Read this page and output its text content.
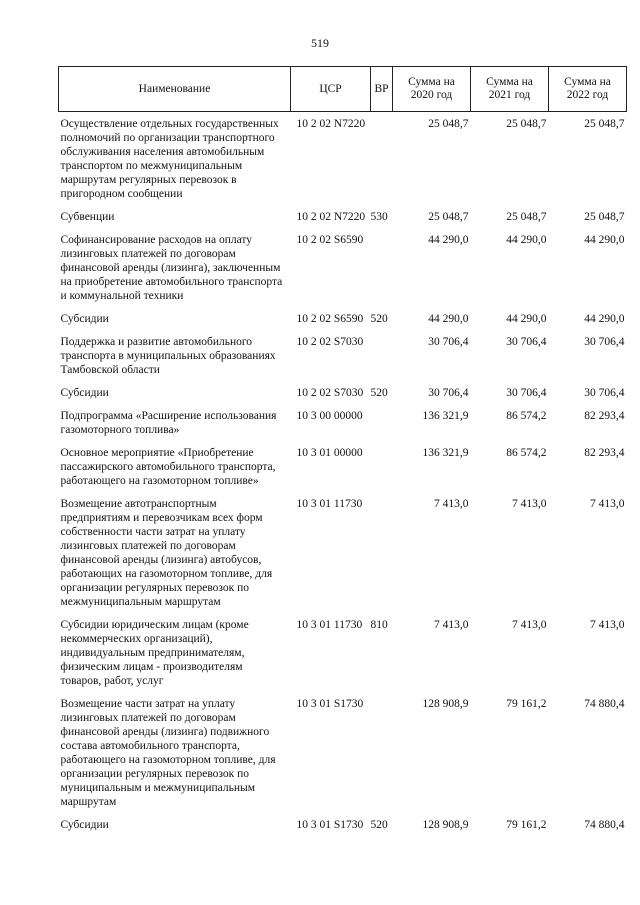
519
Наименование	ЦСР	ВР	Сумма на 2020 год	Сумма на 2021 год	Сумма на 2022 год
Осуществление отдельных государственных полномочий по организации транспортного обслуживания населения автомобильным транспортом по межмуниципальным маршрутам регулярных перевозок в пригородном сообщении	10 2 02 N7220		25 048,7	25 048,7	25 048,7
Субвенции	10 2 02 N7220	530	25 048,7	25 048,7	25 048,7
Софинансирование расходов на оплату лизинговых платежей по договорам финансовой аренды (лизинга), заключенным на приобретение автомобильного транспорта и коммунальной техники	10 2 02 S6590		44 290,0	44 290,0	44 290,0
Субсидии	10 2 02 S6590	520	44 290,0	44 290,0	44 290,0
Поддержка и развитие автомобильного транспорта в муниципальных образованиях Тамбовской области	10 2 02 S7030		30 706,4	30 706,4	30 706,4
Субсидии	10 2 02 S7030	520	30 706,4	30 706,4	30 706,4
Подпрограмма «Расширение использования газомоторного топлива»	10 3 00 00000		136 321,9	86 574,2	82 293,4
Основное мероприятие «Приобретение пассажирского автомобильного транспорта, работающего на газомоторном топливе»	10 3 01 00000		136 321,9	86 574,2	82 293,4
Возмещение автотранспортным предприятиям и перевозчикам всех форм собственности части затрат на уплату лизинговых платежей по договорам финансовой аренды (лизинга) автобусов, работающих на газомоторном топливе, для организации регулярных перевозок по межмуниципальным маршрутам	10 3 01 11730		7 413,0	7 413,0	7 413,0
Субсидии юридическим лицам (кроме некоммерческих организаций), индивидуальным предпринимателям, физическим лицам - производителям товаров, работ, услуг	10 3 01 11730	810	7 413,0	7 413,0	7 413,0
Возмещение части затрат на уплату лизинговых платежей по договорам финансовой аренды (лизинга) подвижного состава автомобильного транспорта, работающего на газомоторном топливе, для организации регулярных перевозок по муниципальным и межмуниципальным маршрутам	10 3 01 S1730		128 908,9	79 161,2	74 880,4
Субсидии	10 3 01 S1730	520	128 908,9	79 161,2	74 880,4
